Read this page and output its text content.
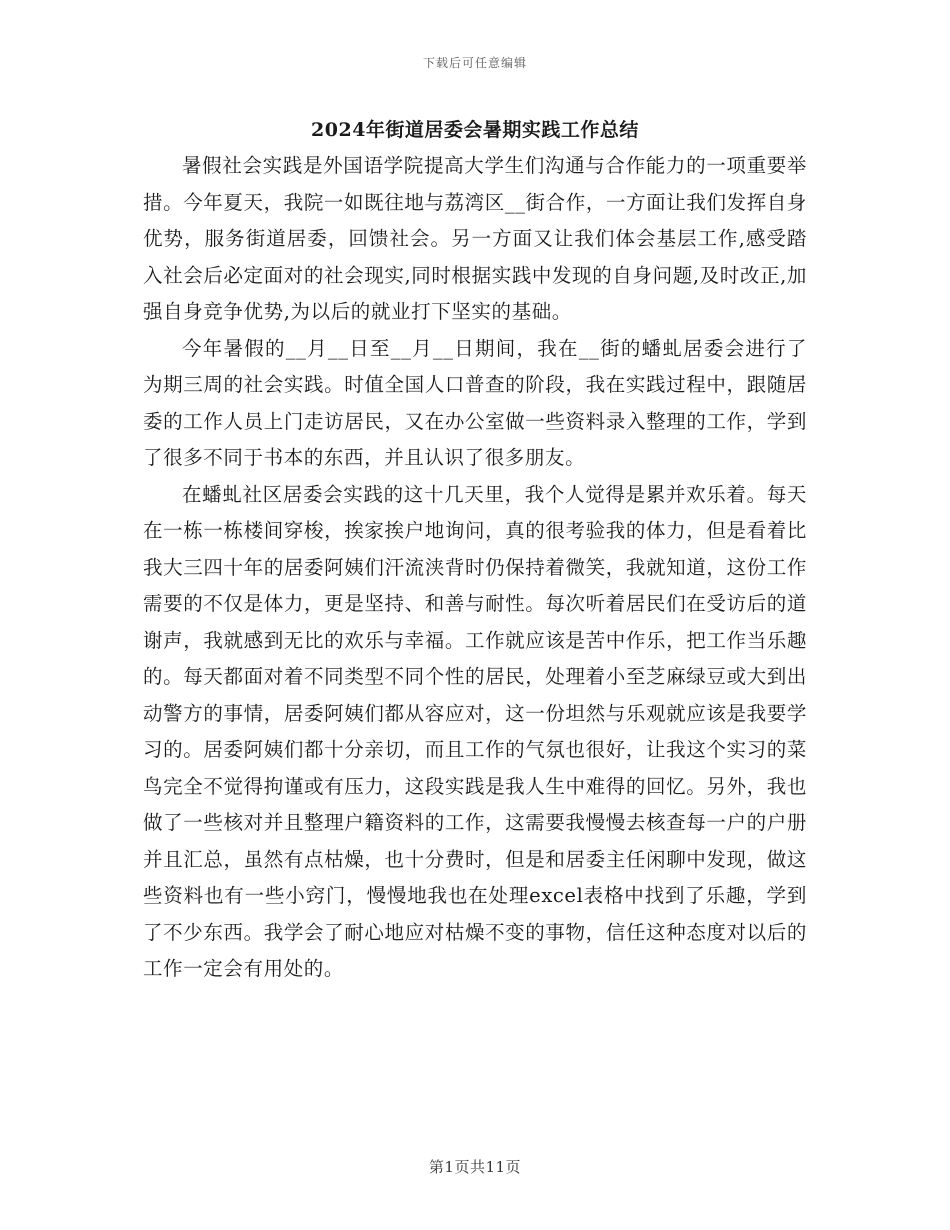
下载后可任意编辑
2024年街道居委会暑期实践工作总结

暑假社会实践是外国语学院提高大学生们沟通与合作能力的一项重要举措。今年夏天，我院一如既往地与荔湾区__街合作，一方面让我们发挥自身优势，服务街道居委，回馈社会。另一方面又让我们体会基层工作,感受踏入社会后必定面对的社会现实,同时根据实践中发现的自身问题,及时改正,加强自身竞争优势,为以后的就业打下坚实的基础。

今年暑假的__月__日至__月__日期间，我在__街的蟠虬居委会进行了为期三周的社会实践。时值全国人口普查的阶段，我在实践过程中，跟随居委的工作人员上门走访居民，又在办公室做一些资料录入整理的工作，学到了很多不同于书本的东西，并且认识了很多朋友。

在蟠虬社区居委会实践的这十几天里，我个人觉得是累并欢乐着。每天在一栋一栋楼间穿梭，挨家挨户地询问，真的很考验我的体力，但是看着比我大三四十年的居委阿姨们汗流浃背时仍保持着微笑，我就知道，这份工作需要的不仅是体力，更是坚持、和善与耐性。每次听着居民们在受访后的道谢声，我就感到无比的欢乐与幸福。工作就应该是苦中作乐，把工作当乐趣的。每天都面对着不同类型不同个性的居民，处理着小至芝麻绿豆或大到出动警方的事情，居委阿姨们都从容应对，这一份坦然与乐观就应该是我要学习的。居委阿姨们都十分亲切，而且工作的气氛也很好，让我这个实习的菜鸟完全不觉得拘谨或有压力，这段实践是我人生中难得的回忆。另外，我也做了一些核对并且整理户籍资料的工作，这需要我慢慢去核查每一户的户册并且汇总，虽然有点枯燥，也十分费时，但是和居委主任闲聊中发现，做这些资料也有一些小窍门，慢慢地我也在处理excel表格中找到了乐趣，学到了不少东西。我学会了耐心地应对枯燥不变的事物，信任这种态度对以后的工作一定会有用处的。

第1页共11页
